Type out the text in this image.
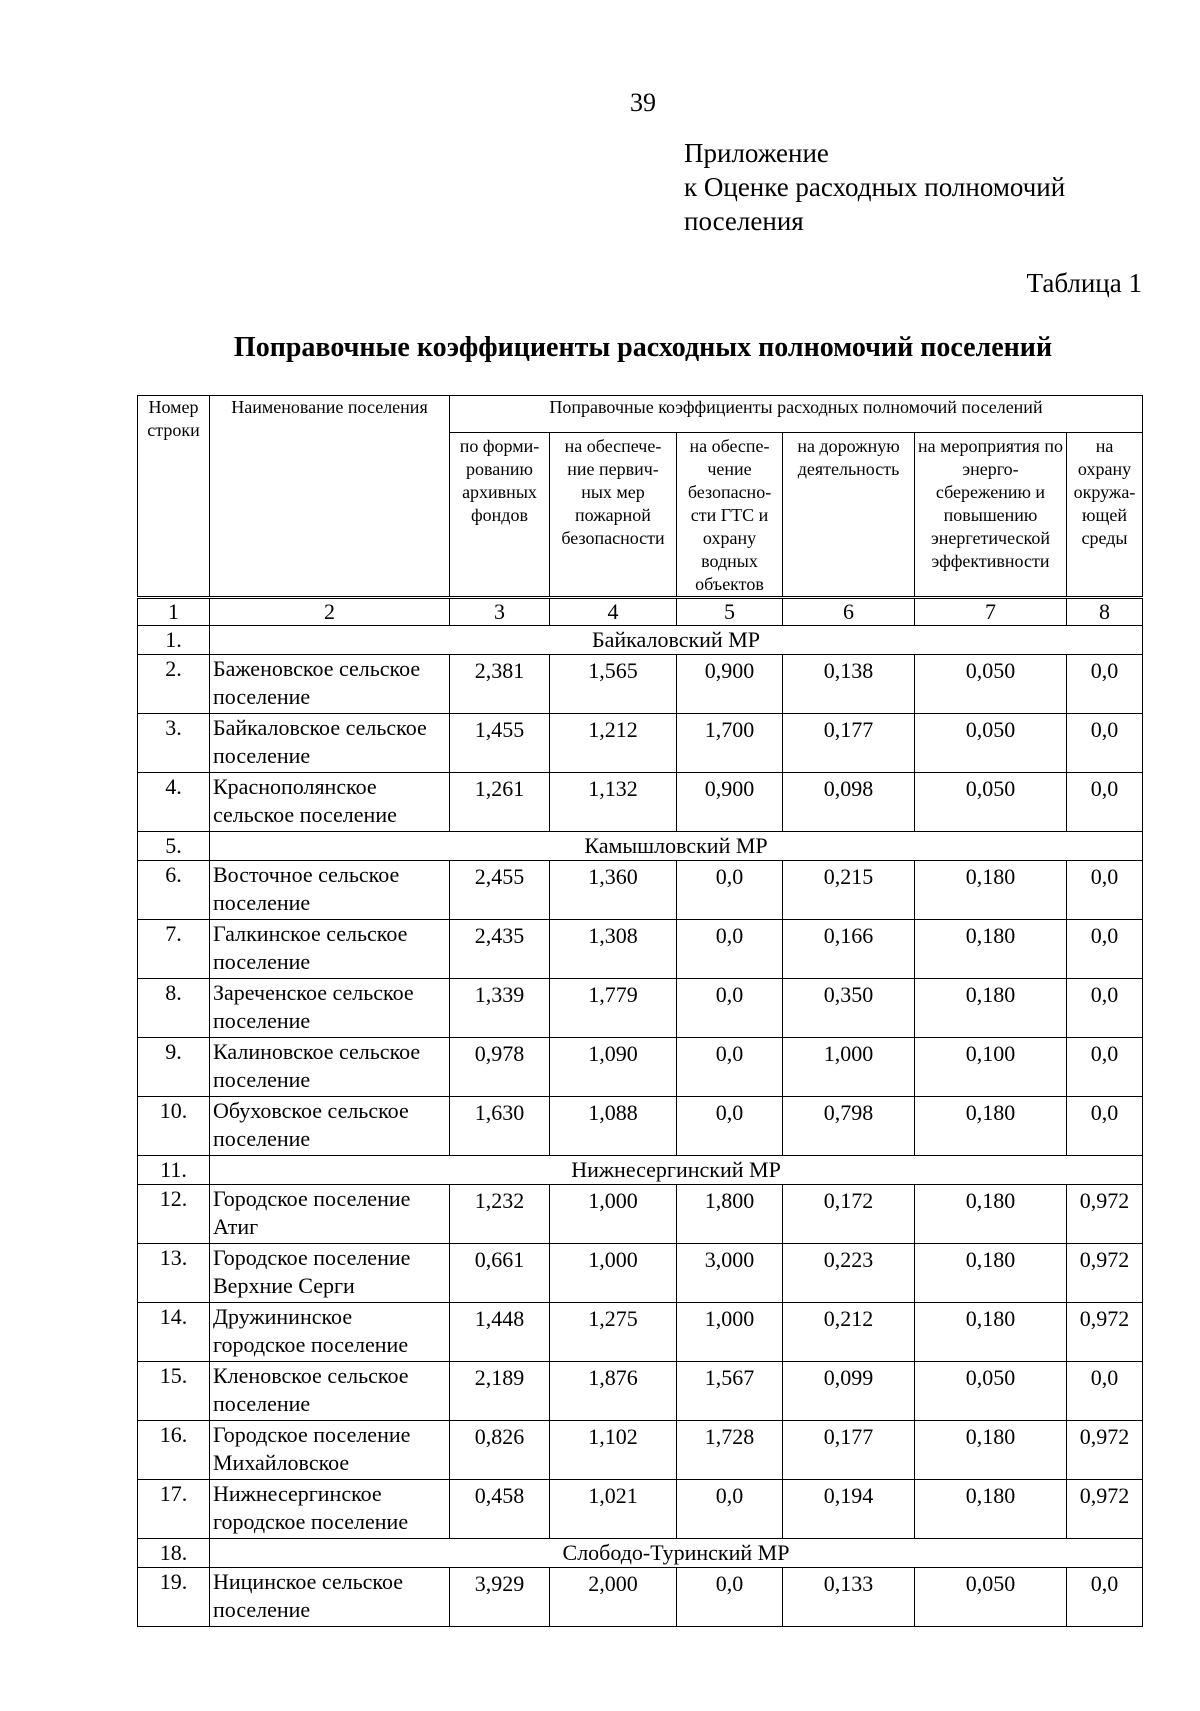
39
Приложение
к Оценке расходных полномочий
поселения
Таблица 1
Поправочные коэффициенты расходных полномочий поселений
Номер строки	Наименование поселения	Поправочные коэффициенты расходных полномочий поселений					
		по форми-рованию архивных фондов	на обеспече-ние первич-ных мер пожарной безопасности	на обеспе-чение безопасно-сти ГТС и охрану водных объектов	на дорожную деятельность	на мероприятия по энерго-сбережению и повышению энергетической эффективности	на охрану окружа-ющей среды
1	2	3	4	5	6	7	8
1.	Байкаловский МР						
2.	Баженовское сельское поселение	2,381	1,565	0,900	0,138	0,050	0,0
3.	Байкаловское сельское поселение	1,455	1,212	1,700	0,177	0,050	0,0
4.	Краснополянское сельское поселение	1,261	1,132	0,900	0,098	0,050	0,0
5.	Камышловский МР						
6.	Восточное сельское поселение	2,455	1,360	0,0	0,215	0,180	0,0
7.	Галкинское сельское поселение	2,435	1,308	0,0	0,166	0,180	0,0
8.	Зареченское сельское поселение	1,339	1,779	0,0	0,350	0,180	0,0
9.	Калиновское сельское поселение	0,978	1,090	0,0	1,000	0,100	0,0
10.	Обуховское сельское поселение	1,630	1,088	0,0	0,798	0,180	0,0
11.	Нижнесергинский МР						
12.	Городское поселение Атиг	1,232	1,000	1,800	0,172	0,180	0,972
13.	Городское поселение Верхние Серги	0,661	1,000	3,000	0,223	0,180	0,972
14.	Дружининское городское поселение	1,448	1,275	1,000	0,212	0,180	0,972
15.	Кленовское сельское поселение	2,189	1,876	1,567	0,099	0,050	0,0
16.	Городское поселение Михайловское	0,826	1,102	1,728	0,177	0,180	0,972
17.	Нижнесергинское городское поселение	0,458	1,021	0,0	0,194	0,180	0,972
18.	Слободо-Туринский МР						
19.	Ницинское сельское поселение	3,929	2,000	0,0	0,133	0,050	0,0
